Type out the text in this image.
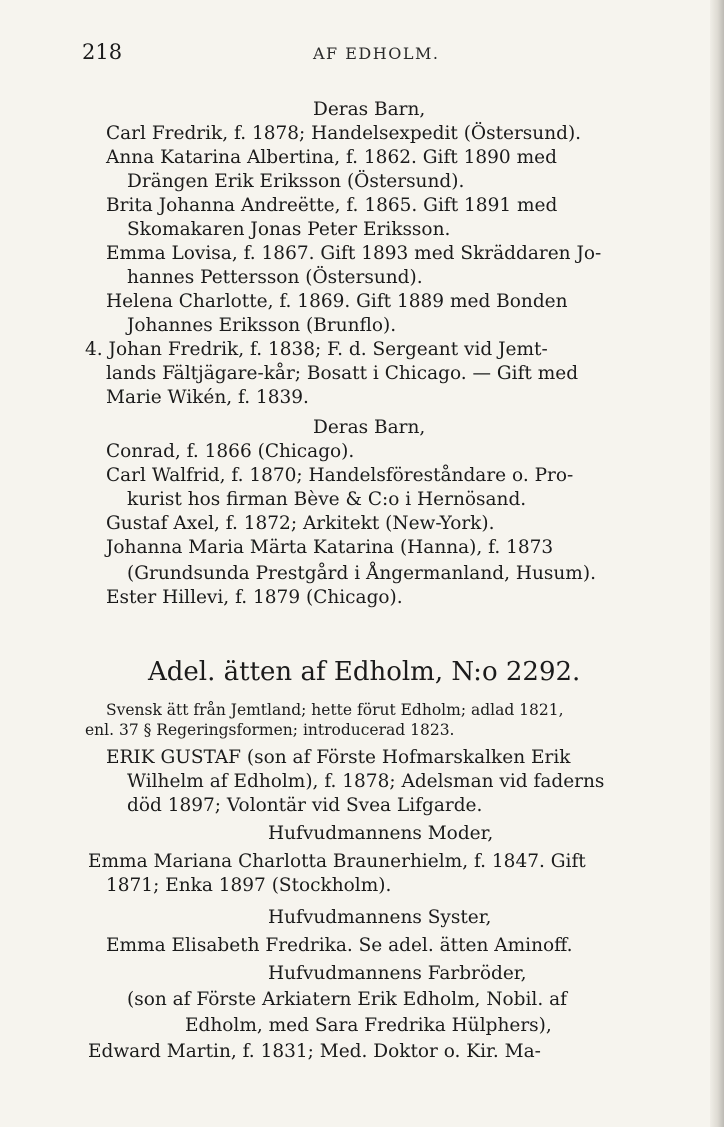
218	AF EDHOLM.
Deras Barn,
Carl Fredrik, f. 1878; Handelsexpedit (Östersund).
Anna Katarina Albertina, f. 1862. Gift 1890 med
Drängen Erik Eriksson (Östersund).
Brita Johanna Andreëtte, f. 1865. Gift 1891 med
Skomakaren Jonas Peter Eriksson.
Emma Lovisa, f. 1867. Gift 1893 med Skräddaren Jo-
hannes Pettersson (Östersund).
Helena Charlotte, f. 1869. Gift 1889 med Bonden
Johannes Eriksson (Brunflo).
4. Johan Fredrik, f. 1838; F. d. Sergeant vid Jemt-
lands Fältjägare-kår; Bosatt i Chicago. — Gift med
Marie Wikén, f. 1839.
Deras Barn,
Conrad, f. 1866 (Chicago).
Carl Walfrid, f. 1870; Handelsföreståndare o. Pro-
kurist hos firman Bève & C:o i Hernösand.
Gustaf Axel, f. 1872; Arkitekt (New-York).
Johanna Maria Märta Katarina (Hanna), f. 1873
(Grundsunda Prestgård i Ångermanland, Husum).
Ester Hillevi, f. 1879 (Chicago).
Adel. ätten af Edholm, N:o 2292.
Svensk ätt från Jemtland; hette förut Edholm; adlad 1821,
enl. 37 § Regeringsformen; introducerad 1823.
ERIK GUSTAF (son af Förste Hofmarskalken Erik
Wilhelm af Edholm), f. 1878; Adelsman vid faderns
död 1897; Volontär vid Svea Lifgarde.
Hufvudmannens Moder,
Emma Mariana Charlotta Braunerhielm, f. 1847. Gift
1871; Enka 1897 (Stockholm).
Hufvudmannens Syster,
Emma Elisabeth Fredrika. Se adel. ätten Aminoff.
Hufvudmannens Farbröder,
(son af Förste Arkiatern Erik Edholm, Nobil. af
Edholm, med Sara Fredrika Hülphers),
Edward Martin, f. 1831; Med. Doktor o. Kir. Ma-
